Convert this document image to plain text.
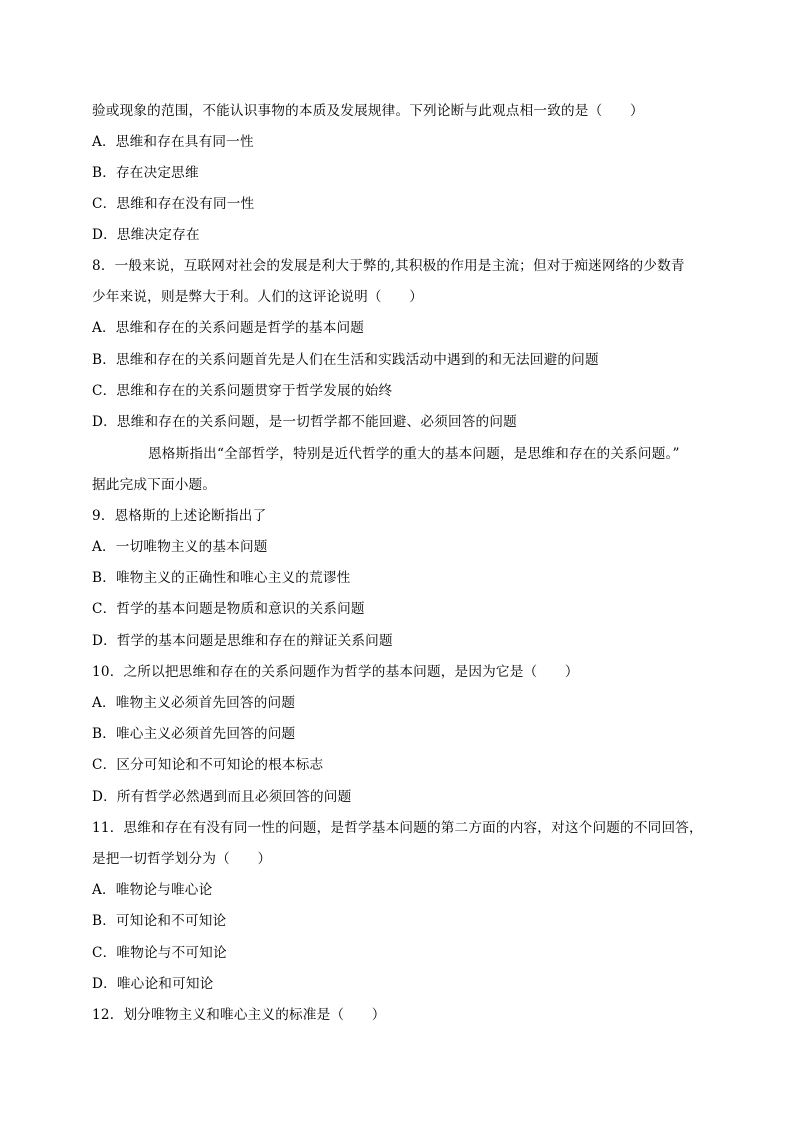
验或现象的范围，不能认识事物的本质及发展规律。下列论断与此观点相一致的是（　　）
A．思维和存在具有同一性
B．存在决定思维
C．思维和存在没有同一性
D．思维决定存在
8．一般来说，互联网对社会的发展是利大于弊的,其积极的作用是主流；但对于痴迷网络的少数青
少年来说，则是弊大于利。人们的这评论说明（　　）
A．思维和存在的关系问题是哲学的基本问题
B．思维和存在的关系问题首先是人们在生活和实践活动中遇到的和无法回避的问题
C．思维和存在的关系问题贯穿于哲学发展的始终
D．思维和存在的关系问题，是一切哲学都不能回避、必须回答的问题
恩格斯指出“全部哲学，特别是近代哲学的重大的基本问题，是思维和存在的关系问题。”
据此完成下面小题。
9．恩格斯的上述论断指出了
A．一切唯物主义的基本问题
B．唯物主义的正确性和唯心主义的荒谬性
C．哲学的基本问题是物质和意识的关系问题
D．哲学的基本问题是思维和存在的辩证关系问题
10．之所以把思维和存在的关系问题作为哲学的基本问题，是因为它是（　　）
A．唯物主义必须首先回答的问题
B．唯心主义必须首先回答的问题
C．区分可知论和不可知论的根本标志
D．所有哲学必然遇到而且必须回答的问题
11．思维和存在有没有同一性的问题，是哲学基本问题的第二方面的内容，对这个问题的不同回答，
是把一切哲学划分为（　　）
A．唯物论与唯心论
B．可知论和不可知论
C．唯物论与不可知论
D．唯心论和可知论
12．划分唯物主义和唯心主义的标准是（　　）
